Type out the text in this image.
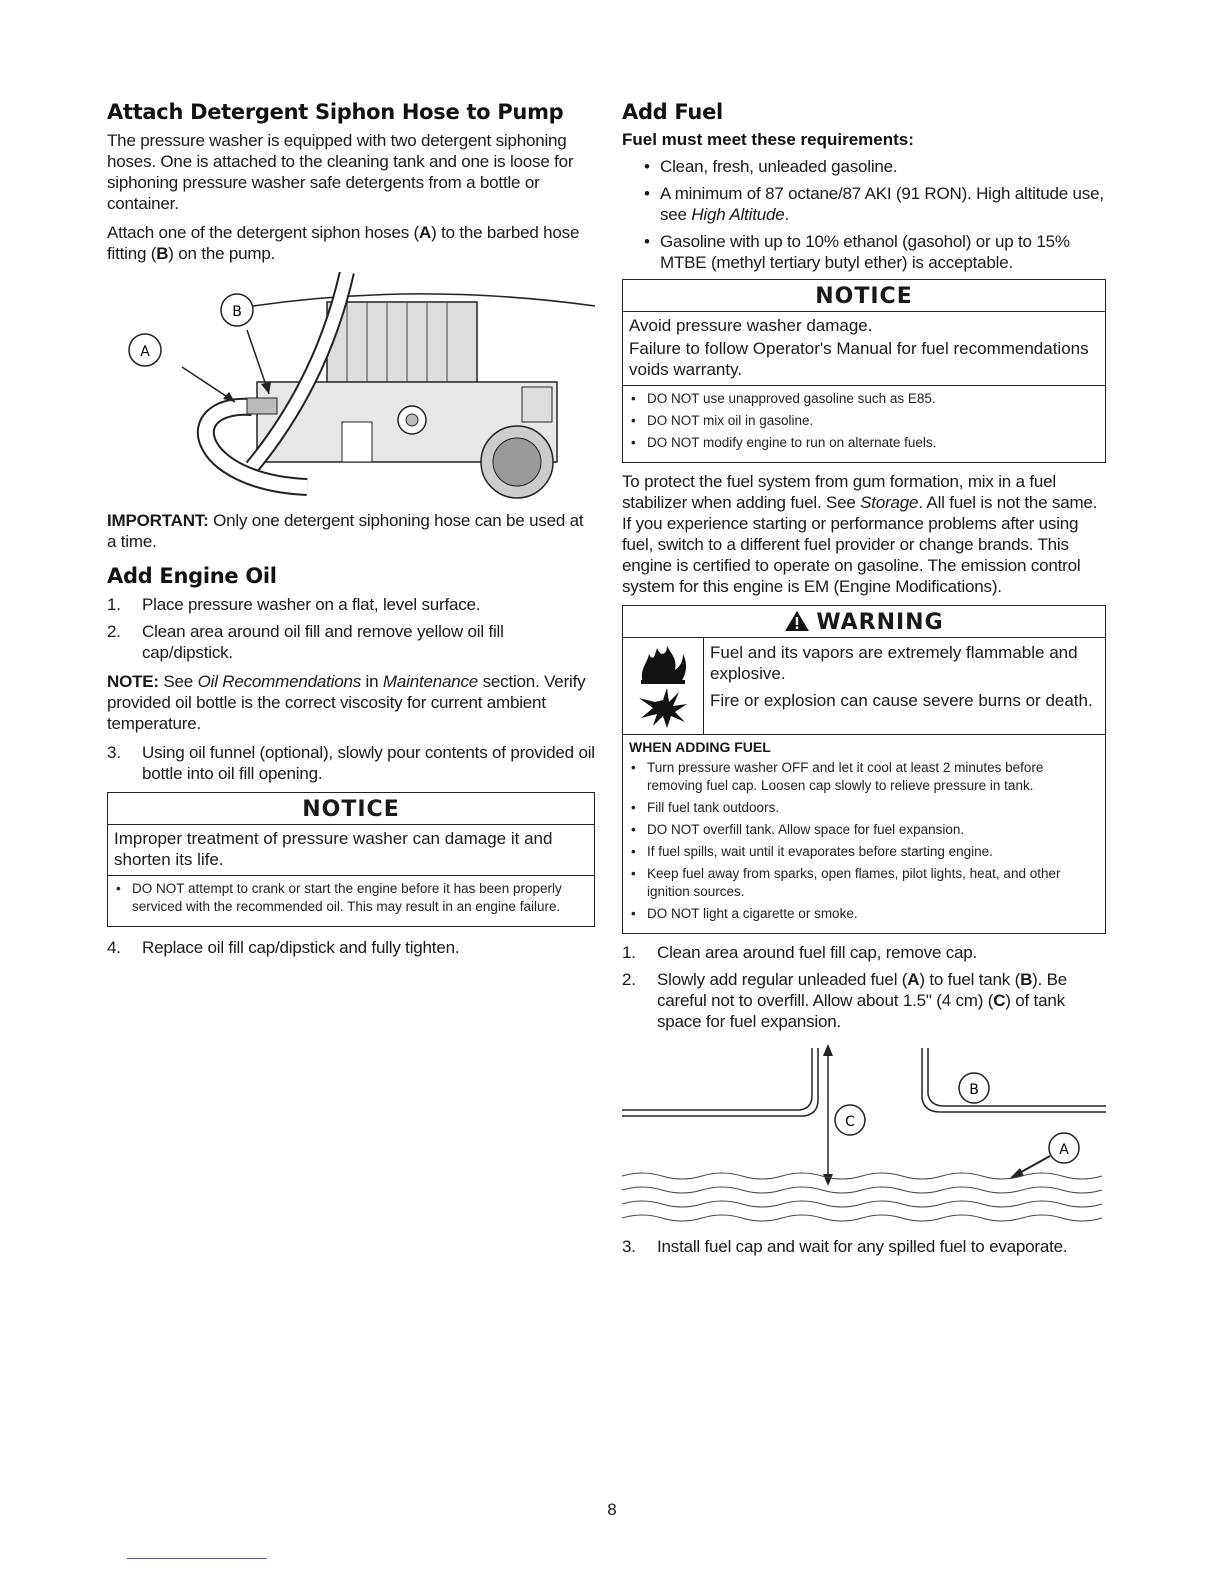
Attach Detergent Siphon Hose to Pump

The pressure washer is equipped with two detergent siphoning hoses. One is attached to the cleaning tank and one is loose for siphoning pressure washer safe detergents from a bottle or container.

Attach one of the detergent siphon hoses (A) to the barbed hose fitting (B) on the pump.

A
B

IMPORTANT: Only one detergent siphoning hose can be used at a time.

Add Engine Oil
1. Place pressure washer on a flat, level surface.
2. Clean area around oil fill and remove yellow oil fill cap/dipstick.

NOTE: See Oil Recommendations in Maintenance section. Verify provided oil bottle is the correct viscosity for current ambient temperature.

3. Using oil funnel (optional), slowly pour contents of provided oil bottle into oil fill opening.
NOTICE
Improper treatment of pressure washer can damage it and shorten its life.
• DO NOT attempt to crank or start the engine before it has been properly serviced with the recommended oil. This may result in an engine failure.
4. Replace oil fill cap/dipstick and fully tighten.
Add Fuel
Fuel must meet these requirements:
• Clean, fresh, unleaded gasoline.
• A minimum of 87 octane/87 AKI (91 RON). High altitude use, see High Altitude.
• Gasoline with up to 10% ethanol (gasohol) or up to 15% MTBE (methyl tertiary butyl ether) is acceptable.
NOTICE
Avoid pressure washer damage.
Failure to follow Operator's Manual for fuel recommendations voids warranty.
• DO NOT use unapproved gasoline such as E85.
• DO NOT mix oil in gasoline.
• DO NOT modify engine to run on alternate fuels.

To protect the fuel system from gum formation, mix in a fuel stabilizer when adding fuel. See Storage. All fuel is not the same. If you experience starting or performance problems after using fuel, switch to a different fuel provider or change brands. This engine is certified to operate on gasoline. The emission control system for this engine is EM (Engine Modifications).

WARNING
Fuel and its vapors are extremely flammable and explosive.
Fire or explosion can cause severe burns or death.
WHEN ADDING FUEL
• Turn pressure washer OFF and let it cool at least 2 minutes before removing fuel cap. Loosen cap slowly to relieve pressure in tank.
• Fill fuel tank outdoors.
• DO NOT overfill tank. Allow space for fuel expansion.
• If fuel spills, wait until it evaporates before starting engine.
• Keep fuel away from sparks, open flames, pilot lights, heat, and other ignition sources.
• DO NOT light a cigarette or smoke.
1. Clean area around fuel fill cap, remove cap.
2. Slowly add regular unleaded fuel (A) to fuel tank (B). Be careful not to overfill. Allow about 1.5" (4 cm) (C) of tank space for fuel expansion.
C
B
A
3. Install fuel cap and wait for any spilled fuel to evaporate.
8
